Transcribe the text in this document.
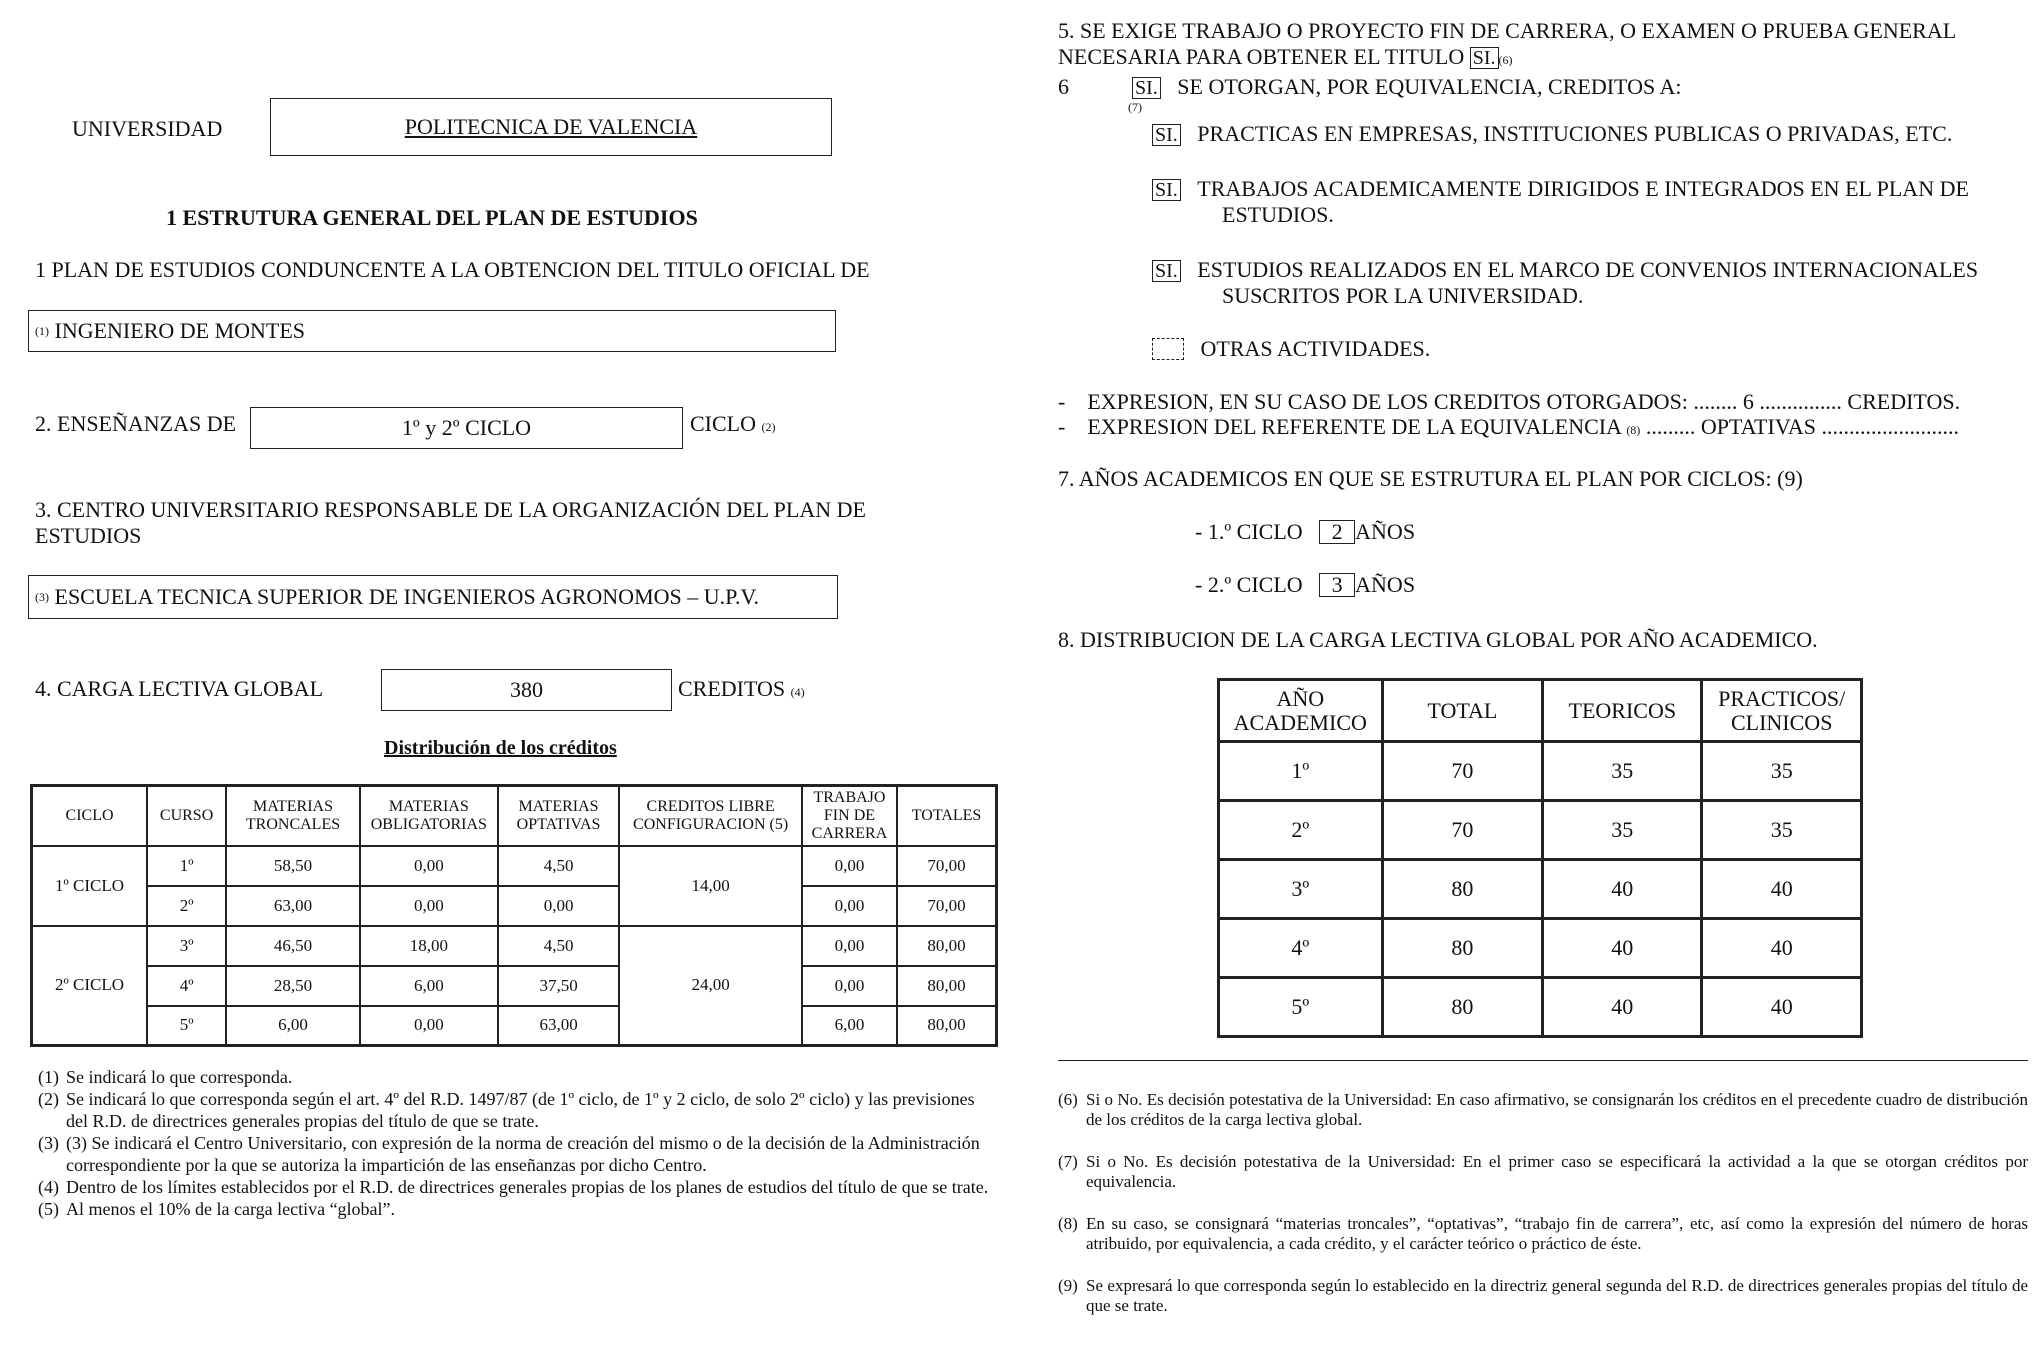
UNIVERSIDAD	POLITECNICA DE VALENCIA
1 ESTRUTURA GENERAL DEL PLAN DE ESTUDIOS
1 PLAN DE ESTUDIOS CONDUNCENTE A LA OBTENCION DEL TITULO OFICIAL DE
(1)
INGENIERO DE MONTES
2. ENSEÑANZAS DE	1º y 2º CICLO	CICLO (2)
3. CENTRO UNIVERSITARIO RESPONSABLE DE LA ORGANIZACIÓN DEL PLAN DE
ESTUDIOS
(3)
ESCUELA TECNICA SUPERIOR DE INGENIEROS AGRONOMOS – U.P.V.
4. CARGA LECTIVA GLOBAL	380	CREDITOS (4)
Distribución de los créditos
CICLO	CURSO	MATERIAS TRONCALES	MATERIAS OBLIGATORIAS	MATERIAS OPTATIVAS	CREDITOS LIBRE CONFIGURACION (5)	TRABAJO FIN DE CARRERA	TOTALES
1º CICLO	1º	58,50	0,00	4,50	14,00	0,00	70,00
	2º	63,00	0,00	0,00		0,00	70,00
2º CICLO	3º	46,50	18,00	4,50	24,00	0,00	80,00
	4º	28,50	6,00	37,50		0,00	80,00
	5º	6,00	0,00	63,00		6,00	80,00
(1) Se indicará lo que corresponda.
(2) Se indicará lo que corresponda según el art. 4º del R.D. 1497/87 (de 1º ciclo, de 1º y 2 ciclo, de solo 2º ciclo) y las previsiones del R.D. de directrices generales propias del título de que se trate.
(3) (3) Se indicará el Centro Universitario, con expresión de la norma de creación del mismo o de la decisión de la Administración correspondiente por la que se autoriza la impartición de las enseñanzas por dicho Centro.
(4) Dentro de los límites establecidos por el R.D. de directrices generales propias de los planes de estudios del título de que se trate.
(5) Al menos el 10% de la carga lectiva “global”.
5. SE EXIGE TRABAJO O PROYECTO FIN DE CARRERA, O EXAMEN O PRUEBA GENERAL
NECESARIA PARA OBTENER EL TITULO SI. (6)
6	SI. SE OTORGAN, POR EQUIVALENCIA, CREDITOS A:
(7)
SI. PRACTICAS EN EMPRESAS, INSTITUCIONES PUBLICAS O PRIVADAS, ETC.
SI. TRABAJOS ACADEMICAMENTE DIRIGIDOS E INTEGRADOS EN EL PLAN DE
ESTUDIOS.
SI. ESTUDIOS REALIZADOS EN EL MARCO DE CONVENIOS INTERNACIONALES
SUSCRITOS POR LA UNIVERSIDAD.

OTRAS ACTIVIDADES.
-    EXPRESION, EN SU CASO DE LOS CREDITOS OTORGADOS: ........ 6 ............... CREDITOS.
-    EXPRESION DEL REFERENTE DE LA EQUIVALENCIA (8) ......... OPTATIVAS .........................
7. AÑOS ACADEMICOS EN QUE SE ESTRUTURA EL PLAN POR CICLOS: (9)
- 1.º CICLO
	2 AÑOS
- 2.º CICLO
	3 AÑOS
8. DISTRIBUCION DE LA CARGA LECTIVA GLOBAL POR AÑO ACADEMICO.
AÑO ACADEMICO	TOTAL	TEORICOS	PRACTICOS/ CLINICOS
1º	70	35	35
2º	70	35	35
3º	80	40	40
4º	80	40	40
5º	80	40	40
(6) Si o No. Es decisión potestativa de la Universidad: En caso afirmativo, se consignarán los créditos en el precedente cuadro de distribución de los créditos de la carga lectiva global.
(7) Si o No. Es decisión potestativa de la Universidad: En el primer caso se especificará la actividad a la que se otorgan créditos por equivalencia.
(8) En su caso, se consignará “materias troncales”, “optativas”, “trabajo fin de carrera”, etc, así como la expresión del número de horas atribuido, por equivalencia, a cada crédito, y el carácter teórico o práctico de éste.
(9) Se expresará lo que corresponda según lo establecido en la directriz general segunda del R.D. de directrices generales propias del título de que se trate.
